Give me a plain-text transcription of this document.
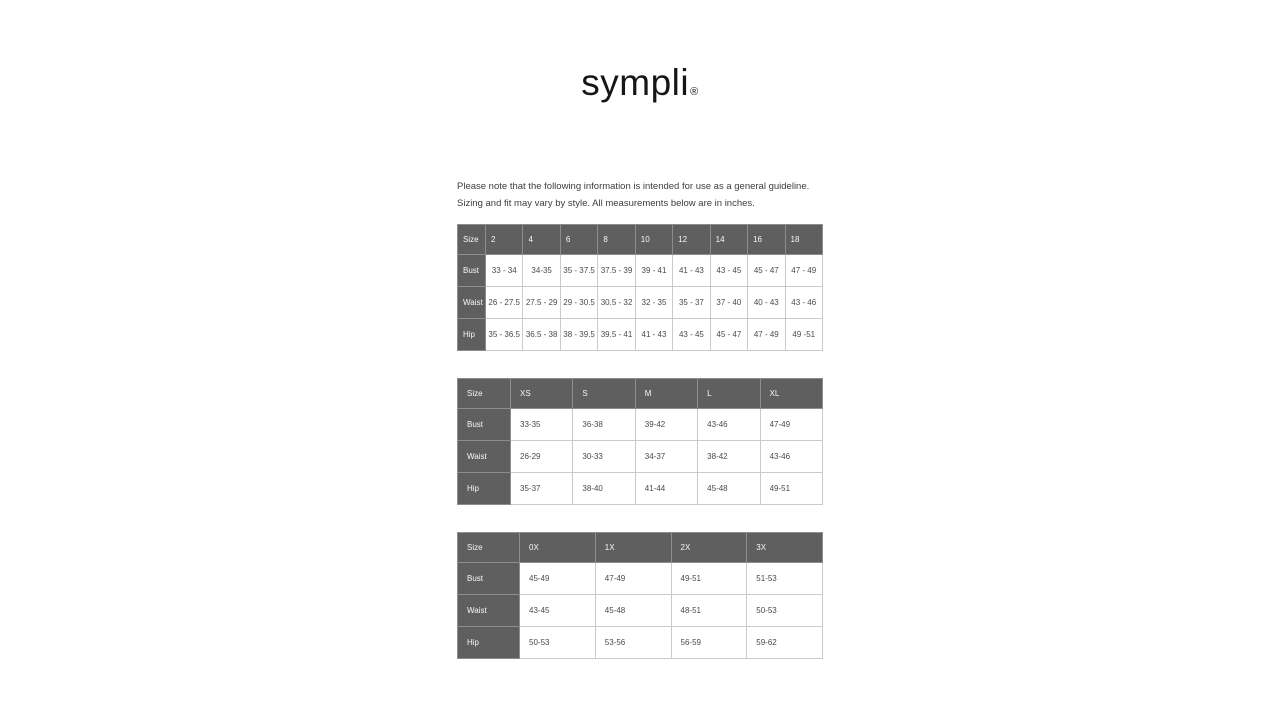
sympli®

Please note that the following information is intended for use as a general guideline.

Sizing and fit may vary by style. All measurements below are in inches.

Size	2	4	6	8	10	12	14	16	18
Bust	33 - 34	34-35	35 - 37.5	37.5 - 39	39 - 41	41 - 43	43 - 45	45 - 47	47 - 49
Waist	26 - 27.5	27.5 - 29	29 - 30.5	30.5 - 32	32 - 35	35 - 37	37 - 40	40 - 43	43 - 46
Hip	35 - 36.5	36.5 - 38	38 - 39.5	39.5 - 41	41 - 43	43 - 45	45 - 47	47 - 49	49 -51
Size	XS	S	M	L	XL
Bust	33-35	36-38	39-42	43-46	47-49
Waist	26-29	30-33	34-37	38-42	43-46
Hip	35-37	38-40	41-44	45-48	49-51
Size	0X	1X	2X	3X
Bust	45-49	47-49	49-51	51-53
Waist	43-45	45-48	48-51	50-53
Hip	50-53	53-56	56-59	59-62
